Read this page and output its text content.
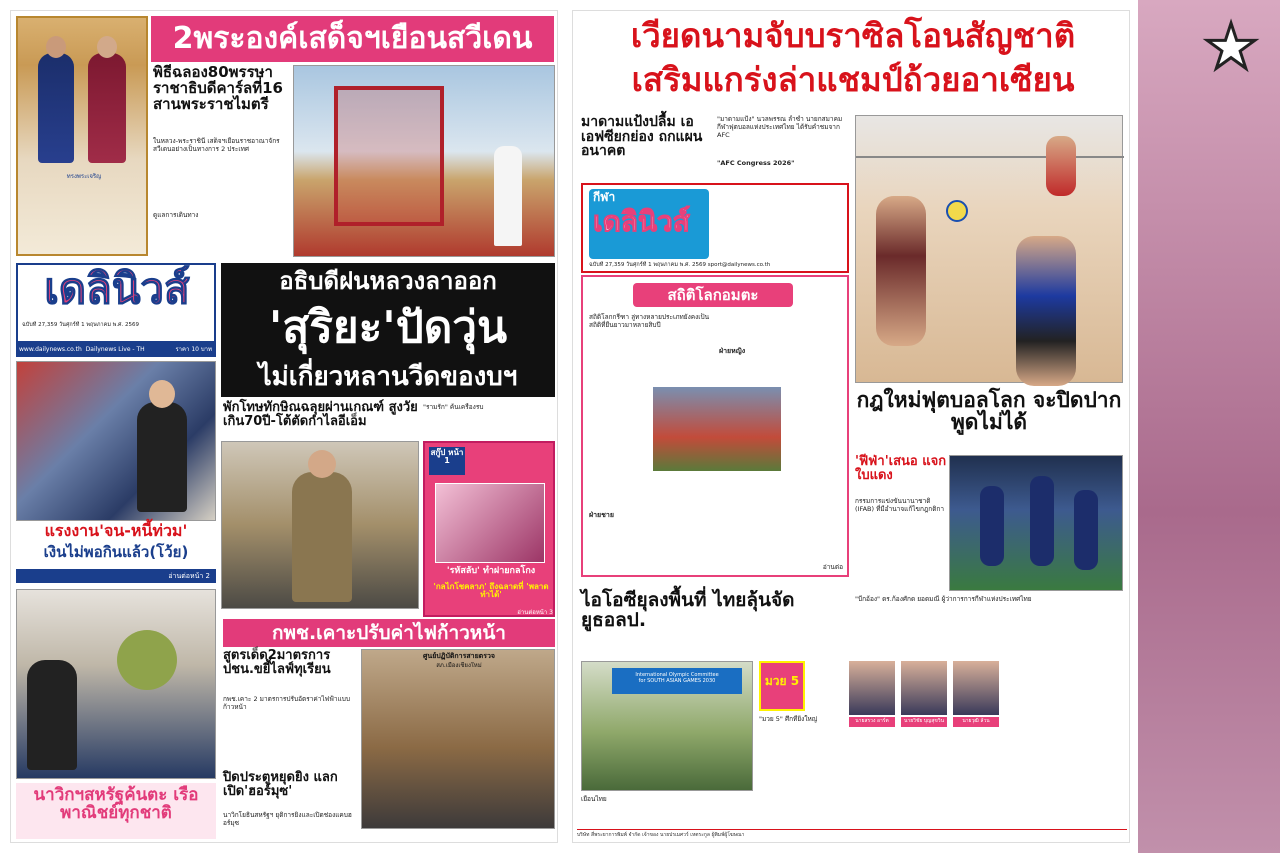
ทรงพระเจริญ
2พระองค์เสด็จฯเยือนสวีเดน
พิธีฉลอง80พรรษา ราชาธิบดีคาร์ลที่16 สานพระราชไมตรี
ในหลวง-พระราชินี เสด็จฯเยือนราชอาณาจักรสวีเดนอย่างเป็นทางการ 2 ประเทศ
ดูแลการเดินทาง
เดลินิวส์
ฉบับที่ 27,359 วันศุกร์ที่ 1 พฤษภาคม พ.ศ. 2569
www.dailynews.co.th Dailynews Live - TH	ราคา 10 บาท
อธิบดีฝนหลวงลาออก
'สุริยะ'ปัดวุ่น
ไม่เกี่ยวหลานวีดของบฯ
พักโทษทักษิณฉลุยผ่านเกณฑ์ สูงวัยเกิน70ปี-โต้ตัดกำไลอีเอ็ม
"รามรัก" ค้นเครื่องรบ
แรงงาน'จน-หนี้ท่วม'
เงินไม่พอกินแล้ว(โว้ย)
อ่านต่อหน้า 2
สกู๊ป หน้า 1
'รหัสลับ' ทำฝายกลโกง
'กลไกโชคลาภ' ถึงฉลาดที่ 'พลาดทำได้'
อ่านต่อหน้า 3
กพช.เคาะปรับค่าไฟก้าวหน้า
สูตรเด็ด2มาตรการ ปชน.ขยี้ไลฟ์ทุเรียน
กพช.เคาะ 2 มาตรการปรับอัตราค่าไฟฟ้าแบบก้าวหน้า
ศูนย์ปฏิบัติการสายตรวจ
สภ.เมืองเชียงใหม่
นาวิกฯสหรัฐค้นตะ เรือพาณิชย์ทุกชาติ
ปิดประตูหยุดยิง แลกเปิด'ฮอร์มุซ'
นาวิกโยธินสหรัฐฯ ยุติการยิงและเปิดช่องแคบฮอร์มุซ
เวียดนามจับบราซิลโอนสัญชาติ
เสริมแกร่งล่าแชมป์ถ้วยอาเซียน
มาดามแป้งปลื้ม เอเอฟซียกย่อง ถกแผนอนาคต
"มาดามแป้ง" นวลพรรณ ล่ำซำ นายกสมาคมกีฬาฟุตบอลแห่งประเทศไทย ได้รับคำชมจาก AFC
"AFC Congress 2026"
กีฬา
เดลินิวส์
ฉบับที่ 27,359 วันศุกร์ที่ 1 พฤษภาคม พ.ศ. 2569 sport@dailynews.co.th
สถิติโลกอมตะ
สถิติโลกกรีฑา ลู่ทางหลายประเภทยังคงเป็นสถิติที่ยืนยาวมาหลายสิบปี
ฝ่ายหญิง
ฝ่ายชาย
อ่านต่อ
กฎใหม่ฟุตบอลโลก จะปิดปากพูดไม่ได้
'ฟีฟ่า'เสนอ แจกใบแดง
กรรมการแข่งขันนานาชาติ (IFAB) ที่มีอำนาจแก้ไขกฎกติกา
ไอโอซียุลงพื้นที่ ไทยลุ้นจัดยูธอลป.
"บีกอ้อง" ดร.ก้องศักด ยอดมณี ผู้ว่าการการกีฬาแห่งประเทศไทย
International Olympic Committee
for SOUTH ASIAN GAMES 2030
เยือนไทย
มวย 5
"มวย 5" ศึกที่ยิ่งใหญ่	นายสรวง อาร์ต	นายวิชัย บุญสุขวิน	นายวุฒิ ล้วน
บริษัท สี่พระยาการพิมพ์ จำกัด เจ้าของ นายปรเมศวร์ เหตระกูล ผู้พิมพ์ผู้โฆษณา
★
